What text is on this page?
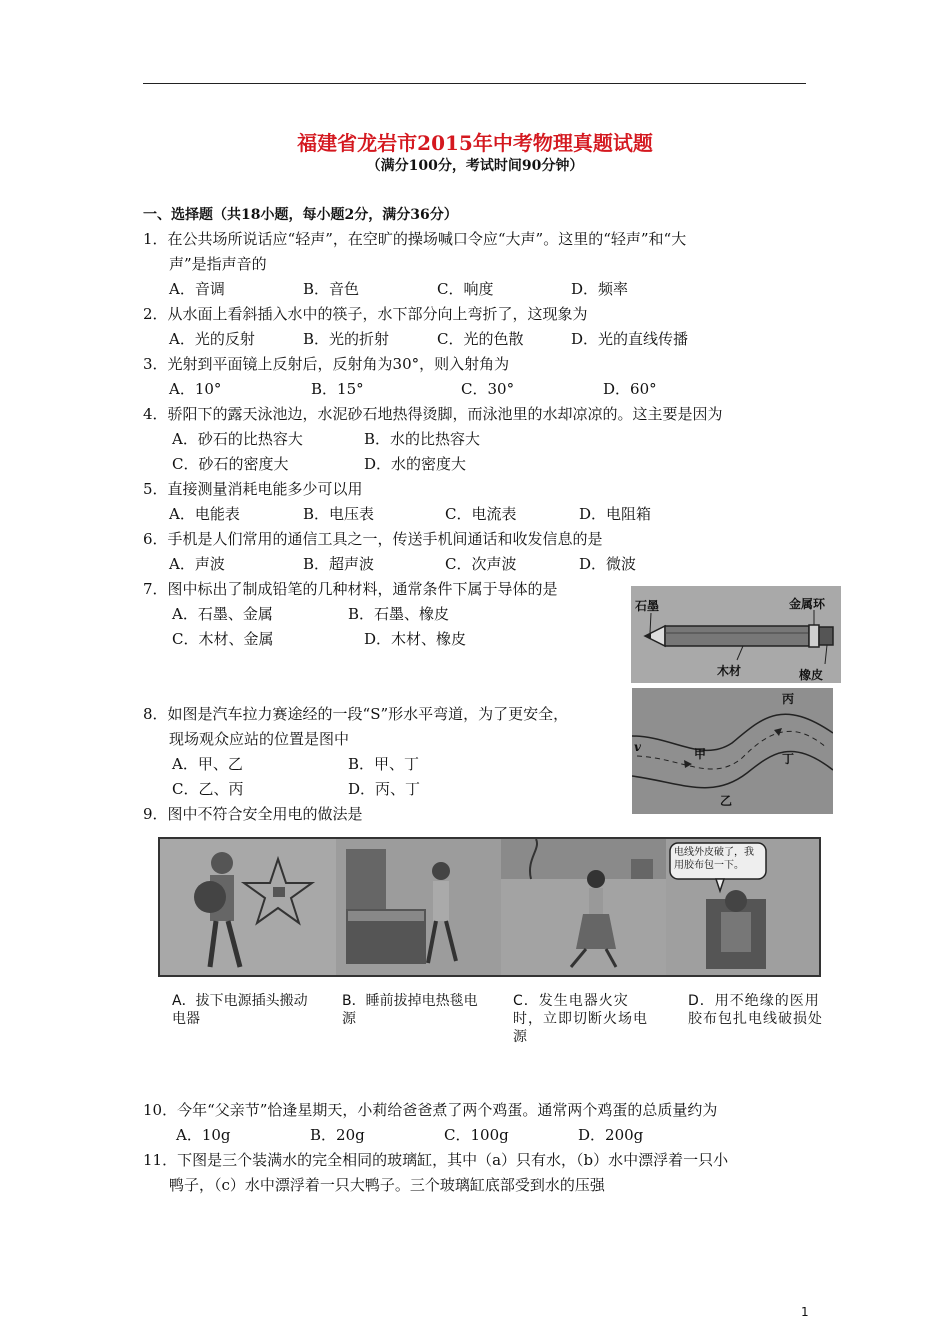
福建省龙岩市2015年中考物理真题试题
（满分100分，考试时间90分钟）
一、选择题（共18小题，每小题2分，满分36分）
1．在公共场所说话应“轻声”，在空旷的操场喊口令应“大声”。这里的“轻声”和“大
声”是指声音的
A．音调	B．音色	C．响度	D．频率
2．从水面上看斜插入水中的筷子，水下部分向上弯折了，这现象为
A．光的反射	B．光的折射	C．光的色散	D．光的直线传播
3．光射到平面镜上反射后，反射角为30°，则入射角为
A．10°	B．15°	C．30°	D．60°
4．骄阳下的露天泳池边，水泥砂石地热得烫脚，而泳池里的水却凉凉的。这主要是因为
A．砂石的比热容大	B．水的比热容大
C．砂石的密度大	D．水的密度大
5．直接测量消耗电能多少可以用
A．电能表	B．电压表	C．电流表	D．电阻箱
6．手机是人们常用的通信工具之一，传送手机间通话和收发信息的是
A．声波	B．超声波	C．次声波	D．微波
7．图中标出了制成铅笔的几种材料，通常条件下属于导体的是
A．石墨、金属	B．石墨、橡皮
C．木材、金属	D．木材、橡皮
石墨	金属环
木材	橡皮
8．如图是汽车拉力赛途经的一段“S”形水平弯道，为了更安全，
现场观众应站的位置是图中
A．甲、乙	B．甲、丁
C．乙、丙	D．丙、丁
v	甲
乙
丙
丁
9．图中不符合安全用电的做法是
电线外皮破了，我用胶布包一下。
A．拔下电源插头搬动电器
B．睡前拔掉电热毯电源
C．发生电器火灾时，立即切断火场电源
D．用不绝缘的医用胶布包扎电线破损处
10．今年“父亲节”恰逢星期天，小莉给爸爸煮了两个鸡蛋。通常两个鸡蛋的总质量约为
A．10g	B．20g	C．100g	D．200g
11．下图是三个装满水的完全相同的玻璃缸，其中（a）只有水，（b）水中漂浮着一只小
鸭子，（c）水中漂浮着一只大鸭子。三个玻璃缸底部受到水的压强
1
